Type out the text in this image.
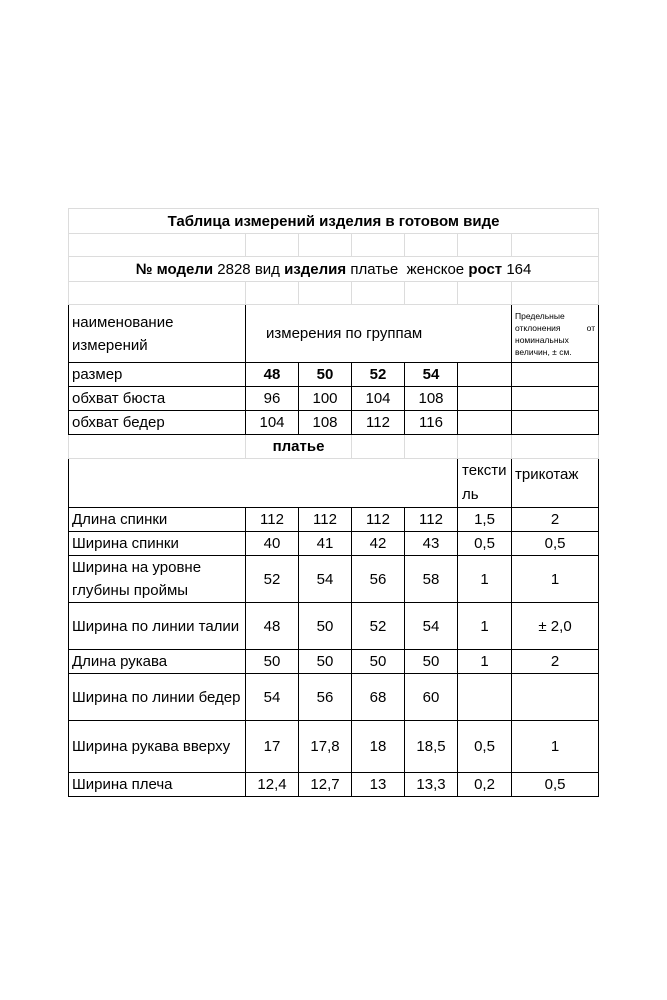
Таблица измерений изделия в готовом виде						

№ модели 2828 вид изделия платье  женское рост 164						

наименование измерений	измерения по группам					Предельные

отклонения от
номинальных
величин, ± см.
размер	48	50	52	54		
обхват бюста	96	100	104	108		
обхват бедер	104	108	112	116		
	платье					
					тексти ль	трикотаж
Длина спинки	112	112	112	112	1,5	2
Ширина спинки	40	41	42	43	0,5	0,5
Ширина на уровне глубины проймы	52	54	56	58	1	1
Ширина по линии талии	48	50	52	54	1	± 2,0
Длина рукава	50	50	50	50	1	2
Ширина по линии бедер	54	56	68	60		
Ширина рукава вверху	17	17,8	18	18,5	0,5	1
Ширина плеча	12,4	12,7	13	13,3	0,2	0,5
